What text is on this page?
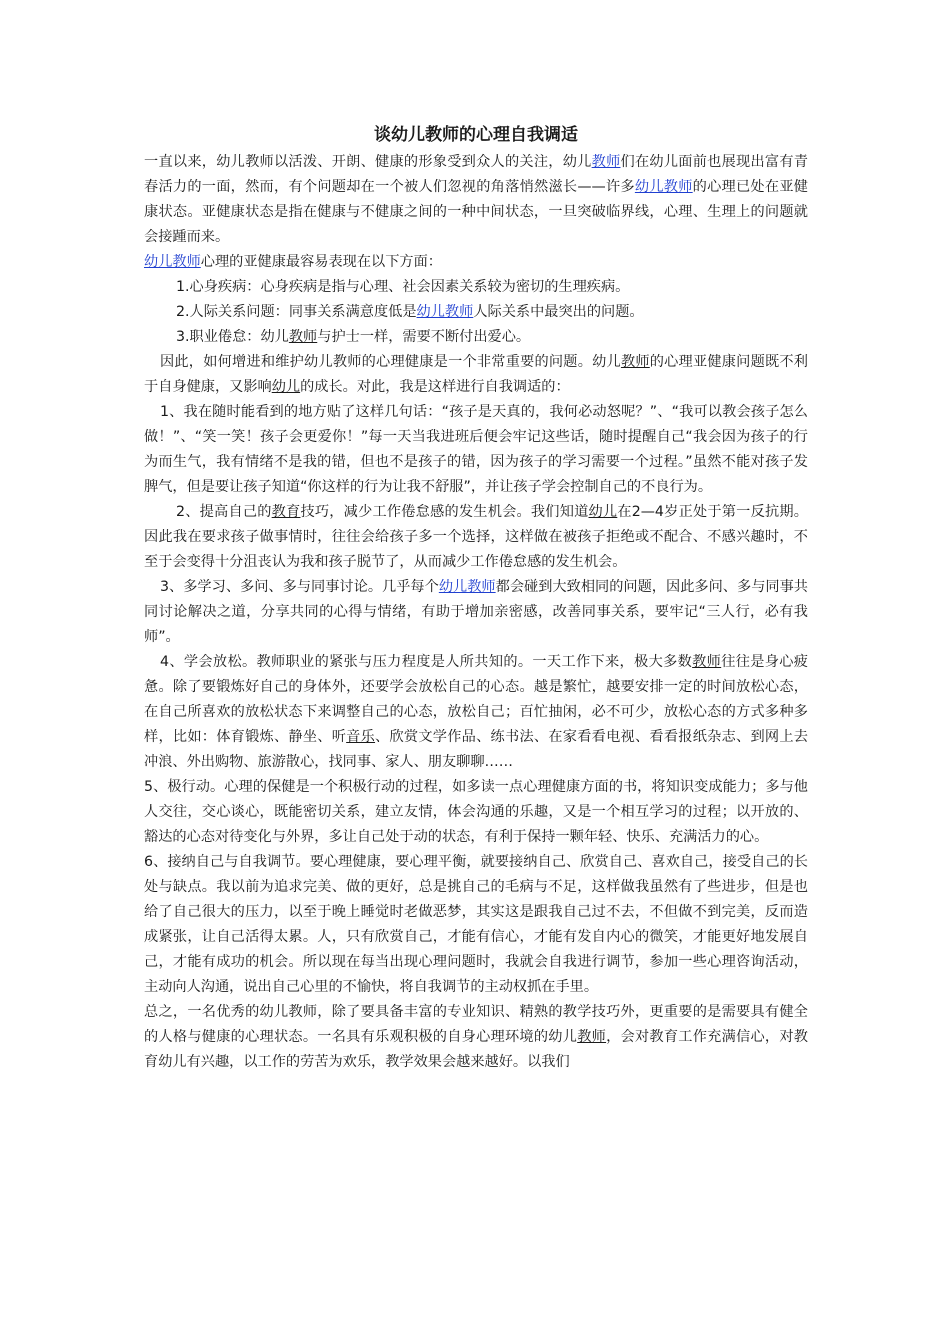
谈幼儿教师的心理自我调适

一直以来，幼儿教师以活泼、开朗、健康的形象受到众人的关注，幼儿教师们在幼儿面前也展现出富有青春活力的一面，然而，有个问题却在一个被人们忽视的角落悄然滋长——许多幼儿教师的心理已处在亚健康状态。亚健康状态是指在健康与不健康之间的一种中间状态，一旦突破临界线，心理、生理上的问题就会接踵而来。

幼儿教师心理的亚健康最容易表现在以下方面：

1.心身疾病：心身疾病是指与心理、社会因素关系较为密切的生理疾病。

2.人际关系问题：同事关系满意度低是幼儿教师人际关系中最突出的问题。

3.职业倦怠：幼儿教师与护士一样，需要不断付出爱心。

因此，如何增进和维护幼儿教师的心理健康是一个非常重要的问题。幼儿教师的心理亚健康问题既不利于自身健康，又影响幼儿的成长。对此，我是这样进行自我调适的：

1、我在随时能看到的地方贴了这样几句话：“孩子是天真的，我何必动怒呢？”、“我可以教会孩子怎么做！”、“笑一笑！孩子会更爱你！”每一天当我进班后便会牢记这些话，随时提醒自己“我会因为孩子的行为而生气，我有情绪不是我的错，但也不是孩子的错，因为孩子的学习需要一个过程。”虽然不能对孩子发脾气，但是要让孩子知道“你这样的行为让我不舒服”，并让孩子学会控制自己的不良行为。

2、提高自己的教育技巧，减少工作倦怠感的发生机会。我们知道幼儿在2—4岁正处于第一反抗期。因此我在要求孩子做事情时，往往会给孩子多一个选择，这样做在被孩子拒绝或不配合、不感兴趣时，不至于会变得十分沮丧认为我和孩子脱节了，从而减少工作倦怠感的发生机会。

3、多学习、多问、多与同事讨论。几乎每个幼儿教师都会碰到大致相同的问题，因此多问、多与同事共同讨论解决之道，分享共同的心得与情绪，有助于增加亲密感，改善同事关系，要牢记“三人行，必有我师”。

4、学会放松。教师职业的紧张与压力程度是人所共知的。一天工作下来，极大多数教师往往是身心疲惫。除了要锻炼好自己的身体外，还要学会放松自己的心态。越是繁忙，越要安排一定的时间放松心态，在自己所喜欢的放松状态下来调整自己的心态，放松自己；百忙抽闲，必不可少，放松心态的方式多种多样，比如：体育锻炼、静坐、听音乐、欣赏文学作品、练书法、在家看看电视、看看报纸杂志、到网上去冲浪、外出购物、旅游散心，找同事、家人、朋友聊聊……

5、极行动。心理的保健是一个积极行动的过程，如多读一点心理健康方面的书，将知识变成能力；多与他人交往，交心谈心，既能密切关系，建立友情，体会沟通的乐趣，又是一个相互学习的过程；以开放的、豁达的心态对待变化与外界，多让自己处于动的状态，有利于保持一颗年轻、快乐、充满活力的心。

6、接纳自己与自我调节。要心理健康，要心理平衡，就要接纳自己、欣赏自己、喜欢自己，接受自己的长处与缺点。我以前为追求完美、做的更好，总是挑自己的毛病与不足，这样做我虽然有了些进步，但是也给了自己很大的压力，以至于晚上睡觉时老做恶梦，其实这是跟我自己过不去，不但做不到完美，反而造成紧张，让自己活得太累。人，只有欣赏自己，才能有信心，才能有发自内心的微笑，才能更好地发展自己，才能有成功的机会。所以现在每当出现心理问题时，我就会自我进行调节，参加一些心理咨询活动，主动向人沟通，说出自己心里的不愉快，将自我调节的主动权抓在手里。

总之，一名优秀的幼儿教师，除了要具备丰富的专业知识、精熟的教学技巧外，更重要的是需要具有健全的人格与健康的心理状态。一名具有乐观积极的自身心理环境的幼儿教师，会对教育工作充满信心，对教育幼儿有兴趣，以工作的劳苦为欢乐，教学效果会越来越好。以我们
